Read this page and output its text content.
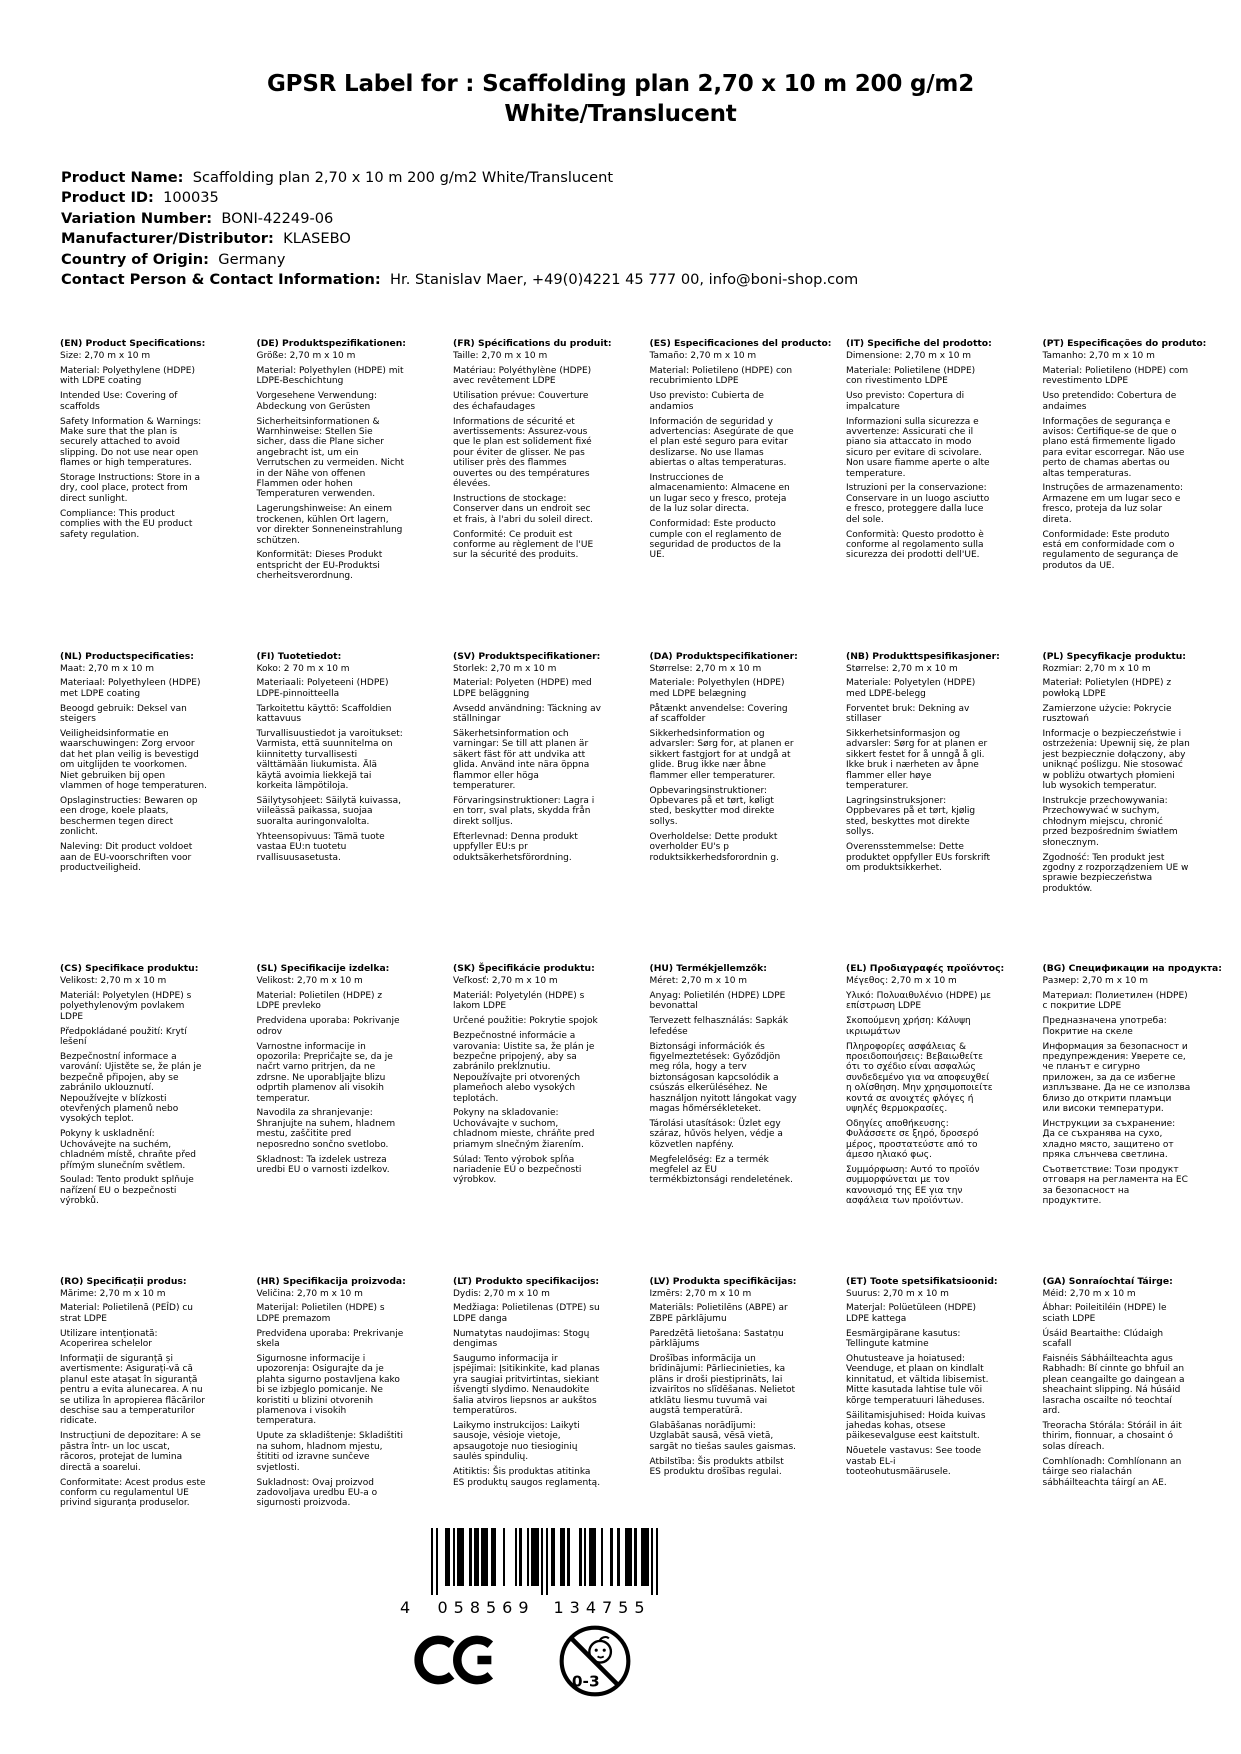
GPSR Label for : Scaffolding plan 2,70 x 10 m 200 g/m2
White/Translucent
Product Name:  Scaffolding plan 2,70 x 10 m 200 g/m2 White/Translucent
Product ID:  100035
Variation Number:  BONI-42249-06
Manufacturer/Distributor:  KLASEBO
Country of Origin:  Germany
Contact Person & Contact Information:  Hr. Stanislav Maer, +49(0)4221 45 777 00, info@boni-shop.com
(EN) Product Specifications:

Size: 2,70 m x 10 m

Material: Polyethylene (HDPE) with LDPE coating

Intended Use: Covering of scaffolds

Safety Information & Warnings: Make sure that the plan is securely attached to avoid slipping. Do not use near open flames or high temperatures.

Storage Instructions: Store in a dry, cool place, protect from direct sunlight.

Compliance: This product complies with the EU product safety regulation.

(DE) Produktspezifikationen:

Größe: 2,70 m x 10 m

Material: Polyethylen (HDPE) mit LDPE-Beschichtung

Vorgesehene Verwendung: Abdeckung von Gerüsten

Sicherheitsinformationen & Warnhinweise: Stellen Sie sicher, dass die Plane sicher angebracht ist, um ein Verrutschen zu vermeiden. Nicht in der Nähe von offenen Flammen oder hohen Temperaturen verwenden.

Lagerungshinweise: An einem trockenen, kühlen Ort lagern, vor direkter Sonneneinstrahlung schützen.

Konformität: Dieses Produkt entspricht der EU-Produktsi cherheitsverordnung.

(FR) Spécifications du produit:

Taille: 2,70 m x 10 m

Matériau: Polyéthylène (HDPE) avec revêtement LDPE

Utilisation prévue: Couverture des échafaudages

Informations de sécurité et avertissements: Assurez-vous que le plan est solidement fixé pour éviter de glisser. Ne pas utiliser près des flammes ouvertes ou des températures élevées.

Instructions de stockage: Conserver dans un endroit sec et frais, à l'abri du soleil direct.

Conformité: Ce produit est conforme au règlement de l'UE sur la sécurité des produits.

(ES) Especificaciones del producto:

Tamaño: 2,70 m x 10 m

Material: Polietileno (HDPE) con recubrimiento LDPE

Uso previsto: Cubierta de andamios

Información de seguridad y advertencias: Asegúrate de que el plan esté seguro para evitar deslizarse. No use llamas abiertas o altas temperaturas.

Instrucciones de almacenamiento: Almacene en un lugar seco y fresco, proteja de la luz solar directa.

Conformidad: Este producto cumple con el reglamento de seguridad de productos de la UE.

(IT) Specifiche del prodotto:

Dimensione: 2,70 m x 10 m

Materiale: Polietilene (HDPE) con rivestimento LDPE

Uso previsto: Copertura di impalcature

Informazioni sulla sicurezza e avvertenze: Assicurati che il piano sia attaccato in modo sicuro per evitare di scivolare. Non usare fiamme aperte o alte temperature.

Istruzioni per la conservazione: Conservare in un luogo asciutto e fresco, proteggere dalla luce del sole.

Conformità: Questo prodotto è conforme al regolamento sulla sicurezza dei prodotti dell'UE.

(PT) Especificações do produto:

Tamanho: 2,70 m x 10 m

Material: Polietileno (HDPE) com revestimento LDPE

Uso pretendido: Cobertura de andaimes

Informações de segurança e avisos: Certifique-se de que o plano está firmemente ligado para evitar escorregar. Não use perto de chamas abertas ou altas temperaturas.

Instruções de armazenamento: Armazene em um lugar seco e fresco, proteja da luz solar direta.

Conformidade: Este produto está em conformidade com o regulamento de segurança de produtos da UE.

(NL) Productspecificaties:

Maat: 2,70 m x 10 m

Materiaal: Polyethyleen (HDPE) met LDPE coating

Beoogd gebruik: Deksel van steigers

Veiligheidsinformatie en waarschuwingen: Zorg ervoor dat het plan veilig is bevestigd om uitglijden te voorkomen. Niet gebruiken bij open vlammen of hoge temperaturen.

Opslaginstructies: Bewaren op een droge, koele plaats, beschermen tegen direct zonlicht.

Naleving: Dit product voldoet aan de EU-voorschriften voor productveiligheid.

(FI) Tuotetiedot:

Koko: 2 70 m x 10 m

Materiaali: Polyeteeni (HDPE) LDPE-pinnoitteella

Tarkoitettu käyttö: Scaffoldien kattavuus

Turvallisuustiedot ja varoitukset: Varmista, että suunnitelma on kiinnitetty turvallisesti välttämään liukumista. Älä käytä avoimia liekkejä tai korkeita lämpötiloja.

Säilytysohjeet: Säilytä kuivassa, viileässä paikassa, suojaa suoralta auringonvalolta.

Yhteensopivuus: Tämä tuote vastaa EU:n tuotetu rvallisuusasetusta.

(SV) Produktspecifikationer:

Storlek: 2,70 m x 10 m

Material: Polyeten (HDPE) med LDPE beläggning

Avsedd användning: Täckning av ställningar

Säkerhetsinformation och varningar: Se till att planen är säkert fäst för att undvika att glida. Använd inte nära öppna flammor eller höga temperaturer.

Förvaringsinstruktioner: Lagra i en torr, sval plats, skydda från direkt solljus.

Efterlevnad: Denna produkt uppfyller EU:s pr oduktsäkerhetsförordning.

(DA) Produktspecifikationer:

Størrelse: 2,70 m x 10 m

Materiale: Polyethylen (HDPE) med LDPE belægning

Påtænkt anvendelse: Covering af scaffolder

Sikkerhedsinformation og advarsler: Sørg for, at planen er sikkert fastgjort for at undgå at glide. Brug ikke nær åbne flammer eller temperaturer.

Opbevaringsinstruktioner: Opbevares på et tørt, køligt sted, beskytter mod direkte sollys.

Overholdelse: Dette produkt overholder EU's p roduktsikkerhedsforordnin g.

(NB) Produkttspesifikasjoner:

Størrelse: 2,70 m x 10 m

Materiale: Polyetylen (HDPE) med LDPE-belegg

Forventet bruk: Dekning av stillaser

Sikkerhetsinformasjon og advarsler: Sørg for at planen er sikkert festet for å unngå å gli. Ikke bruk i nærheten av åpne flammer eller høye temperaturer.

Lagringsinstruksjoner: Oppbevares på et tørt, kjølig sted, beskyttes mot direkte sollys.

Overensstemmelse: Dette produktet oppfyller EUs forskrift om produktsikkerhet.

(PL) Specyfikacje produktu:

Rozmiar: 2,70 m x 10 m

Materiał: Polietylen (HDPE) z powłoką LDPE

Zamierzone użycie: Pokrycie rusztowań

Informacje o bezpieczeństwie i ostrzeżenia: Upewnij się, że plan jest bezpiecznie dołączony, aby uniknąć poślizgu. Nie stosować w pobliżu otwartych płomieni lub wysokich temperatur.

Instrukcje przechowywania: Przechowywać w suchym, chłodnym miejscu, chronić przed bezpośrednim światłem słonecznym.

Zgodność: Ten produkt jest zgodny z rozporządzeniem UE w sprawie bezpieczeństwa produktów.

(CS) Specifikace produktu:

Velikost: 2,70 m x 10 m

Materiál: Polyetylen (HDPE) s polyethylenovým povlakem LDPE

Předpokládané použití: Krytí lešení

Bezpečnostní informace a varování: Ujistěte se, že plán je bezpečně připojen, aby se zabránilo uklouznutí. Nepoužívejte v blízkosti otevřených plamenů nebo vysokých teplot.

Pokyny k uskladnění: Uchovávejte na suchém, chladném místě, chraňte před přímým slunečním světlem.

Soulad: Tento produkt splňuje nařízení EU o bezpečnosti výrobků.

(SL) Specifikacije izdelka:

Velikost: 2,70 m x 10 m

Material: Polietilen (HDPE) z LDPE prevleko

Predvidena uporaba: Pokrivanje odrov

Varnostne informacije in opozorila: Prepričajte se, da je načrt varno pritrjen, da ne zdrsne. Ne uporabljajte blizu odprtih plamenov ali visokih temperatur.

Navodila za shranjevanje: Shranjujte na suhem, hladnem mestu, zaščitite pred neposredno sončno svetlobo.

Skladnost: Ta izdelek ustreza uredbi EU o varnosti izdelkov.

(SK) Špecifikácie produktu:

Veľkosť: 2,70 m x 10 m

Materiál: Polyetylén (HDPE) s lakom LDPE

Určené použitie: Pokrytie spojok

Bezpečnostné informácie a varovania: Uistite sa, že plán je bezpečne pripojený, aby sa zabránilo prekĺznutiu. Nepoužívajte pri otvorených plameňoch alebo vysokých teplotách.

Pokyny na skladovanie: Uchovávajte v suchom, chladnom mieste, chráňte pred priamym slnečným žiarením.

Súlad: Tento výrobok spĺňa nariadenie EÚ o bezpečnosti výrobkov.

(HU) Termékjellemzők:

Méret: 2,70 m x 10 m

Anyag: Polietilén (HDPE) LDPE bevonattal

Tervezett felhasználás: Sapkák lefedése

Biztonsági információk és figyelmeztetések: Győződjön meg róla, hogy a terv biztonságosan kapcsolódik a csúszás elkerüléséhez. Ne használjon nyitott lángokat vagy magas hőmérsékleteket.

Tárolási utasítások: Üzlet egy száraz, hűvös helyen, védje a közvetlen napfény.

Megfelelőség: Ez a termék megfelel az EU termékbiztonsági rendeletének.

(EL) Προδιαγραφές προϊόντος:

Μέγεθος: 2,70 m x 10 m

Υλικό: Πολυαιθυλένιο (HDPE) με επίστρωση LDPE

Σκοπούμενη χρήση: Κάλυψη ικριωμάτων

Πληροφορίες ασφάλειας & προειδοποιήσεις: Βεβαιωθείτε ότι το σχέδιο είναι ασφαλώς συνδεδεμένο για να αποφευχθεί η ολίσθηση. Μην χρησιμοποιείτε κοντά σε ανοιχτές φλόγες ή υψηλές θερμοκρασίες.

Οδηγίες αποθήκευσης: Φυλάσσετε σε ξηρό, δροσερό μέρος, προστατεύστε από το άμεσο ηλιακό φως.

Συμμόρφωση: Αυτό το προϊόν συμμορφώνεται με τον κανονισμό της ΕΕ για την ασφάλεια των προϊόντων.

(BG) Спецификации на продукта:

Размер: 2,70 m x 10 m

Материал: Полиетилен (HDPE) с покритие LDPE

Предназначена употреба: Покритие на скеле

Информация за безопасност и предупреждения: Уверете се, че планът е сигурно приложен, за да се избегне изплъзване. Да не се използва близо до открити пламъци или високи температури.

Инструкции за съхранение: Да се съхранява на сухо, хладно място, защитено от пряка слънчева светлина.

Съответствие: Този продукт отговаря на регламента на ЕС за безопасност на продуктите.

(RO) Specificații produs:

Mărime: 2,70 m x 10 m

Material: Polietilenă (PEÎD) cu strat LDPE

Utilizare intenționată: Acoperirea schelelor

Informații de siguranță și avertismente: Asigurați-vă că planul este atașat în siguranță pentru a evita alunecarea. A nu se utiliza în apropierea flăcărilor deschise sau a temperaturilor ridicate.

Instrucțiuni de depozitare: A se păstra într- un loc uscat, răcoros, protejat de lumina directă a soarelui.

Conformitate: Acest produs este conform cu regulamentul UE privind siguranța produselor.

(HR) Specifikacija proizvoda:

Veličina: 2,70 m x 10 m

Materijal: Polietilen (HDPE) s LDPE premazom

Predviđena uporaba: Prekrivanje skela

Sigurnosne informacije i upozorenja: Osigurajte da je plahta sigurno postavljena kako bi se izbjeglo pomicanje. Ne koristiti u blizini otvorenih plamenova i visokih temperatura.

Upute za skladištenje: Skladištiti na suhom, hladnom mjestu, štititi od izravne sunčeve svjetlosti.

Sukladnost: Ovaj proizvod zadovoljava uredbu EU-a o sigurnosti proizvoda.

(LT) Produkto specifikacijos:

Dydis: 2,70 m x 10 m

Medžiaga: Polietilenas (DTPE) su LDPE danga

Numatytas naudojimas: Stogų dengimas

Saugumo informacija ir įspėjimai: Įsitikinkite, kad planas yra saugiai pritvirtintas, siekiant išvengti slydimo. Nenaudokite šalia atviros liepsnos ar aukštos temperatūros.

Laikymo instrukcijos: Laikyti sausoje, vėsioje vietoje, apsaugotoje nuo tiesioginių saulės spindulių.

Atitiktis: Šis produktas atitinka ES produktų saugos reglamentą.

(LV) Produkta specifikācijas:

Izmērs: 2,70 m x 10 m

Materiāls: Polietilēns (ABPE) ar ZBPE pārklājumu

Paredzētā lietošana: Sastatņu pārklājums

Drošības informācija un brīdinājumi: Pārliecinieties, ka plāns ir droši piestiprināts, lai izvairītos no slīdēšanas. Nelietot atklātu liesmu tuvumā vai augstā temperatūrā.

Glabāšanas norādījumi: Uzglabāt sausā, vēsā vietā, sargāt no tiešas saules gaismas.

Atbilstība: Šis produkts atbilst ES produktu drošības regulai.

(ET) Toote spetsifikatsioonid:

Suurus: 2,70 m x 10 m

Materjal: Polüetüleen (HDPE) LDPE kattega

Eesmärgipärane kasutus: Tellingute katmine

Ohutusteave ja hoiatused: Veenduge, et plaan on kindlalt kinnitatud, et vältida libisemist. Mitte kasutada lahtise tule või kõrge temperatuuri läheduses.

Säilitamisjuhised: Hoida kuivas jahedas kohas, otsese päikesevalguse eest kaitstult.

Nõuetele vastavus: See toode vastab EL-i tooteohutusmäärusele.

(GA) Sonraíochtaí Táirge:

Méid: 2,70 m x 10 m

Ábhar: Poileitiléin (HDPE) le sciath LDPE

Úsáid Beartaithe: Clúdaigh scafall

Faisnéis Sábháilteachta agus Rabhadh: Bí cinnte go bhfuil an plean ceangailte go daingean a sheachaint slipping. Ná húsáid lasracha oscailte nó teochtaí ard.

Treoracha Stórála: Stóráil in áit thirim, fionnuar, a chosaint ó solas díreach.

Comhlíonadh: Comhlíonann an táirge seo rialachán sábháilteachta táirgí an AE.

4 058569 134755
0-3
